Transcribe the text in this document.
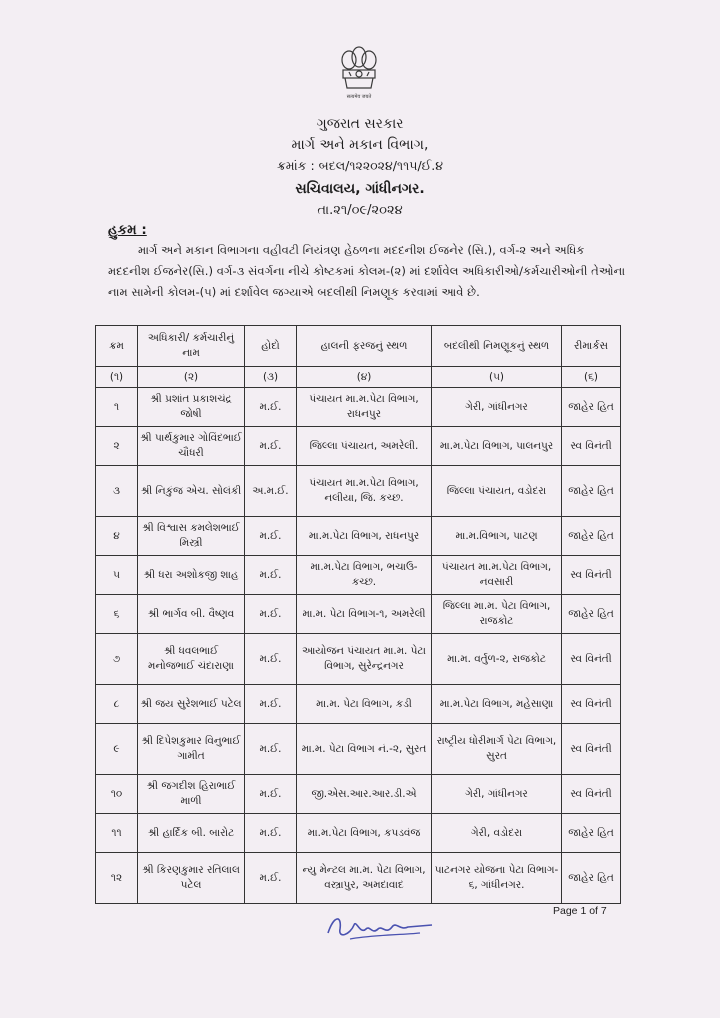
सत्यमेव जयते
ગુજરાત સરકાર
માર્ગ અને મકાન વિભાગ,
ક્રમાંક : બદલ/૧૨૨૦૨૪/૧૧૫/ઈ.૪
સચિવાલય, ગાંધીનગર.
તા.૨૧/૦૯/૨૦૨૪
હુકમ :
માર્ગ અને મકાન વિભાગના વહીવટી નિયંત્રણ હેઠળના મદદનીશ ઈજનેર (સિ.), વર્ગ-૨ અને અધિક મદદનીશ ઈજનેર(સિ.) વર્ગ-૩ સંવર્ગના નીચે કોષ્ટકમાં કોલમ-(૨) માં દર્શાવેલ અધિકારીઓ/કર્મચારીઓની તેઓના નામ સામેની કોલમ-(૫) માં દર્શાવેલ જગ્યાએ બદલીથી નિમણૂક કરવામાં આવે છે.
ક્રમ	અધિકારી/ કર્મચારીનું નામ	હોદો	હાલની ફરજનું સ્થળ	બદલીથી નિમણૂકનું સ્થળ	રીમાર્કસ
(૧)	(૨)	(૩)	(૪)	(૫)	(૬)
૧	શ્રી પ્રશાંત પ્રકાશચંદ્ર જોષી	મ.ઈ.	પંચાયત મા.મ.પેટા વિભાગ, રાધનપુર	ગેરી, ગાંધીનગર	જાહેર હિત
૨	શ્રી પાર્થકુમાર ગોવિંદભાઈ ચૌધરી	મ.ઈ.	જિલ્લા પંચાયત, અમરેલી.	મા.મ.પેટા વિભાગ, પાલનપુર	સ્વ વિનંતી
૩	શ્રી નિકુંજ એચ. સોલંકી	અ.મ.ઈ.	પંચાયત મા.મ.પેટા વિભાગ, નલીયા, જિ. કચ્છ.	જિલ્લા પંચાયત, વડોદરા	જાહેર હિત
૪	શ્રી વિશ્વાસ કમલેશભાઈ મિસ્ત્રી	મ.ઈ.	મા.મ.પેટા વિભાગ, રાધનપુર	મા.મ.વિભાગ, પાટણ	જાહેર હિત
૫	શ્રી ધરા અશોકજી શાહ	મ.ઈ.	મા.મ.પેટા વિભાગ, ભચાઉ-કચ્છ.	પંચાયત મા.મ.પેટા વિભાગ, નવસારી	સ્વ વિનંતી
૬	શ્રી ભાર્ગવ બી. વૈષ્ણવ	મ.ઈ.	મા.મ. પેટા વિભાગ-૧, અમરેલી	જિલ્લા મા.મ. પેટા વિભાગ, રાજકોટ	જાહેર હિત
૭	શ્રી ધવલભાઈ મનોજભાઈ ચંદારાણા	મ.ઈ.	આયોજન પંચાયત મા.મ. પેટા વિભાગ, સુરેન્દ્રનગર	મા.મ. વર્તુળ-૨, રાજકોટ	સ્વ વિનંતી
૮	શ્રી જય સુરેશભાઈ પટેલ	મ.ઈ.	મા.મ. પેટા વિભાગ, કડી	મા.મ.પેટા વિભાગ, મહેસાણા	સ્વ વિનંતી
૯	શ્રી દિપેશકુમાર વિનુભાઈ ગામીત	મ.ઈ.	મા.મ. પેટા વિભાગ નં.-૨, સુરત	રાષ્ટ્રીય ધોરીમાર્ગ પેટા વિભાગ, સુરત	સ્વ વિનંતી
૧૦	શ્રી જગદીશ હિરાભાઈ માળી	મ.ઈ.	જી.એસ.આર.આર.ડી.એ	ગેરી, ગાંધીનગર	સ્વ વિનંતી
૧૧	શ્રી હાર્દિક બી. બારોટ	મ.ઈ.	મા.મ.પેટા વિભાગ, કપડવંજ	ગેરી, વડોદરા	જાહેર હિત
૧૨	શ્રી કિરણકુમાર રતિલાલ પટેલ	મ.ઈ.	ન્યુ મેન્ટલ મા.મ. પેટા વિભાગ, વસ્ત્રાપુર, અમદાવાદ	પાટનગર યોજના પેટા વિભાગ- ૬, ગાંધીનગર.	જાહેર હિત
Page 1 of 7
